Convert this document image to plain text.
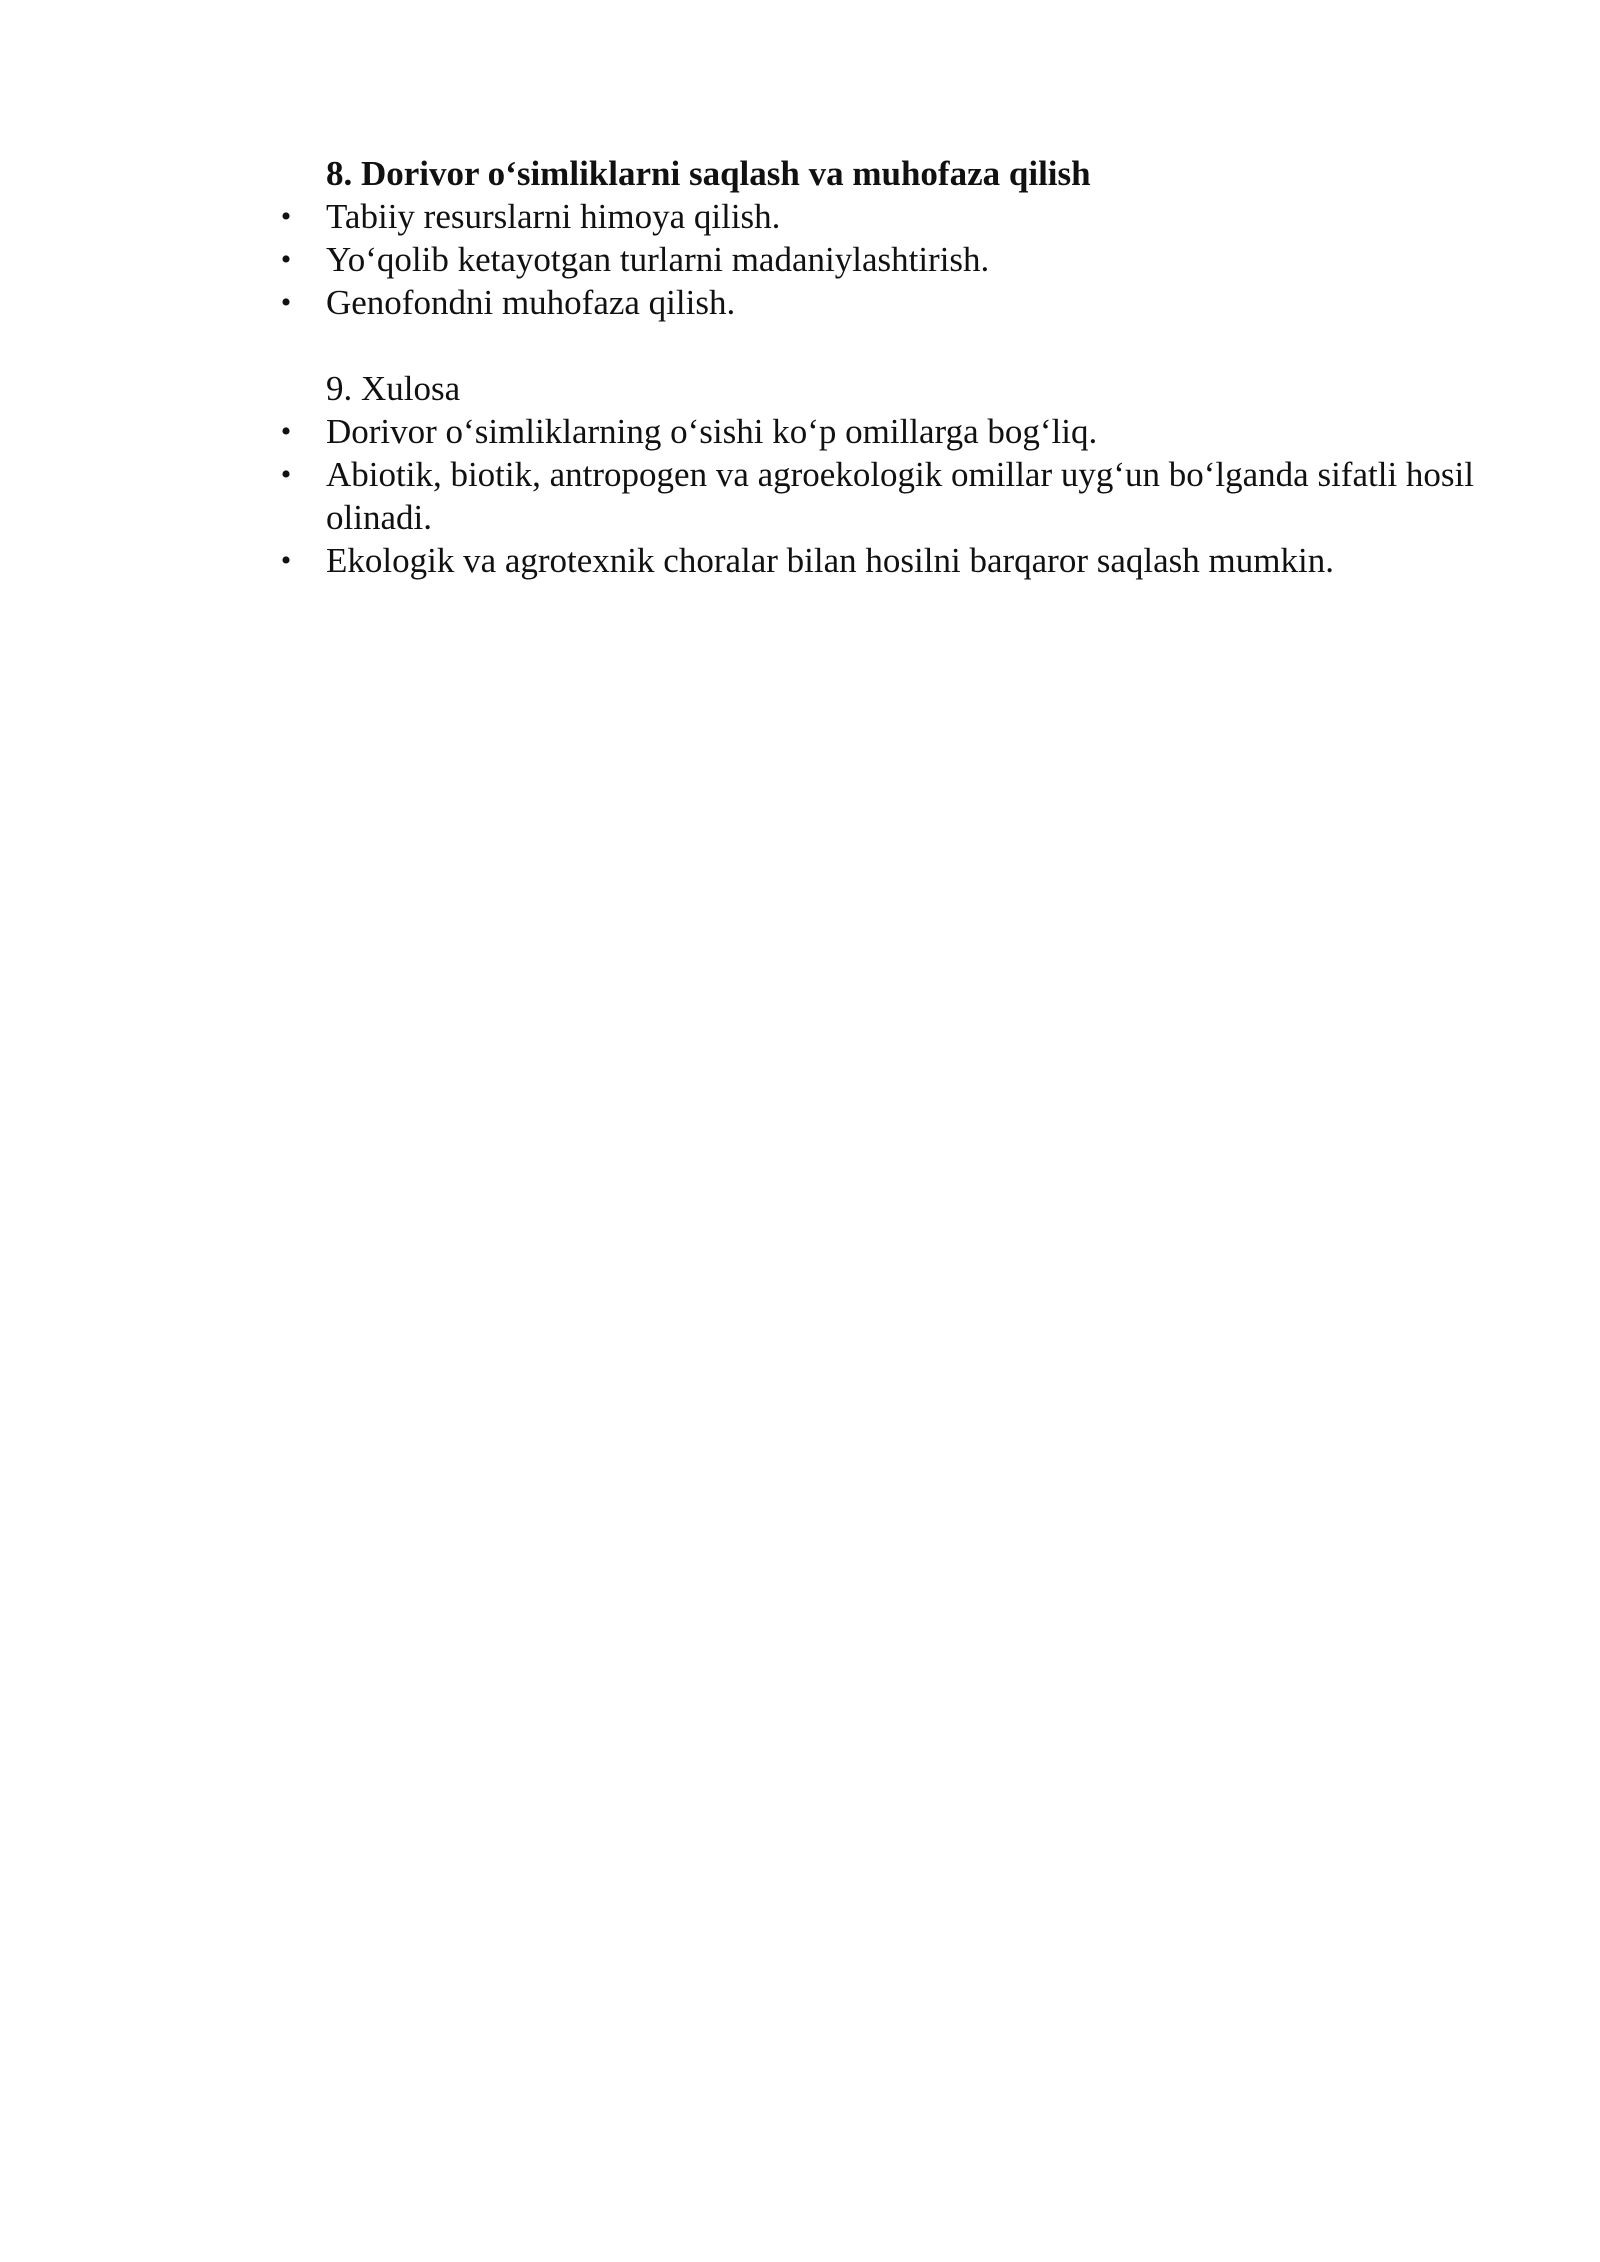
8. Dorivor o‘simliklarni saqlash va muhofaza qilish

• Tabiiy resurslarni himoya qilish.
• Yo‘qolib ketayotgan turlarni madaniylashtirish.
• Genofondni muhofaza qilish.

9. Xulosa

• Dorivor o‘simliklarning o‘sishi ko‘p omillarga bog‘liq.
• Abiotik, biotik, antropogen va agroekologik omillar uyg‘un bo‘lganda sifatli hosil olinadi.
• Ekologik va agrotexnik choralar bilan hosilni barqaror saqlash mumkin.
